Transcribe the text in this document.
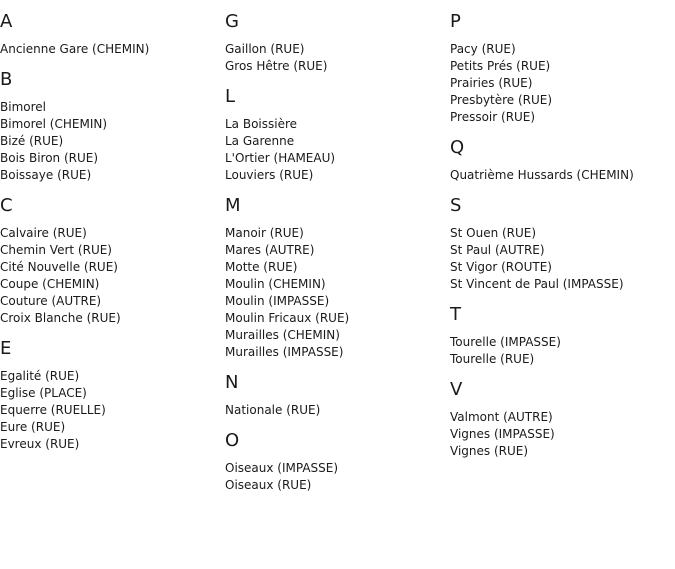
A
Ancienne Gare (CHEMIN)
B
Bimorel
Bimorel (CHEMIN)
Bizé (RUE)
Bois Biron (RUE)
Boissaye (RUE)
C
Calvaire (RUE)
Chemin Vert (RUE)
Cité Nouvelle (RUE)
Coupe (CHEMIN)
Couture (AUTRE)
Croix Blanche (RUE)
E
Egalité (RUE)
Eglise (PLACE)
Equerre (RUELLE)
Eure (RUE)
Evreux (RUE)
G
Gaillon (RUE)
Gros Hêtre (RUE)
L
La Boissière
La Garenne
L'Ortier (HAMEAU)
Louviers (RUE)
M
Manoir (RUE)
Mares (AUTRE)
Motte (RUE)
Moulin (CHEMIN)
Moulin (IMPASSE)
Moulin Fricaux (RUE)
Murailles (CHEMIN)
Murailles (IMPASSE)
N
Nationale (RUE)
O
Oiseaux (IMPASSE)
Oiseaux (RUE)
P
Pacy (RUE)
Petits Prés (RUE)
Prairies (RUE)
Presbytère (RUE)
Pressoir (RUE)
Q
Quatrième Hussards (CHEMIN)
S
St Ouen (RUE)
St Paul (AUTRE)
St Vigor (ROUTE)
St Vincent de Paul (IMPASSE)
T
Tourelle (IMPASSE)
Tourelle (RUE)
V
Valmont (AUTRE)
Vignes (IMPASSE)
Vignes (RUE)
